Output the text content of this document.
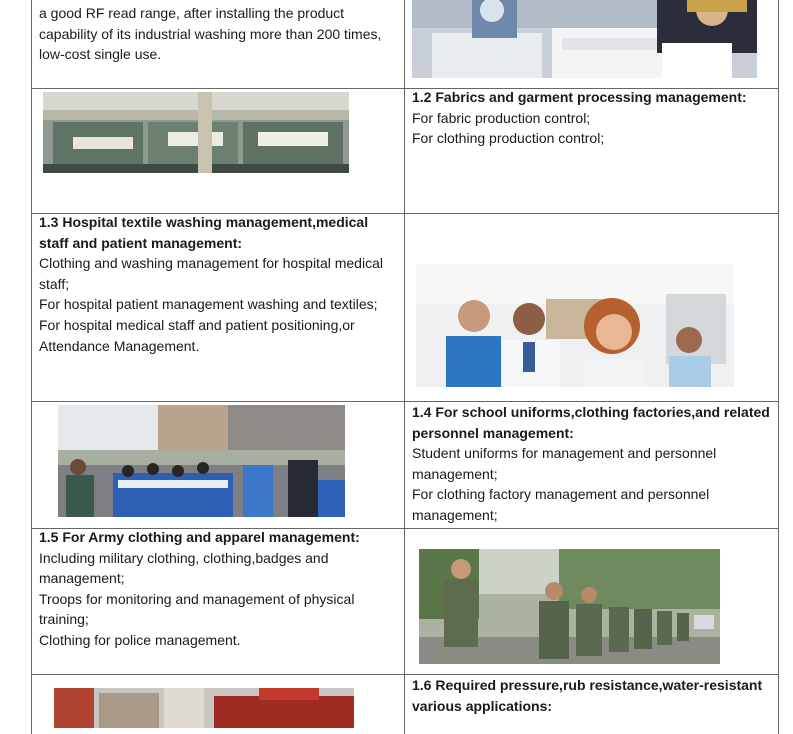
a good RF read range, after installing the product

capability of its industrial washing more than 200 times,

low-cost single use.

1.2 Fabrics and garment processing management:

For fabric production control;

For clothing production control;

1.3 Hospital textile washing management,medical

staff and patient management:

Clothing and washing management for hospital medical

staff;

For hospital patient management washing and textiles;

For hospital medical staff and patient positioning,or

Attendance Management.

1.4 For school uniforms,clothing factories,and related

personnel management:

Student uniforms for management and personnel

management;

For clothing factory management and personnel

management;

1.5 For Army clothing and apparel management:

Including military clothing, clothing,badges and

management;

Troops for monitoring and management of physical

training;

Clothing for police management.

1.6 Required pressure,rub resistance,water-resistant

various applications:
